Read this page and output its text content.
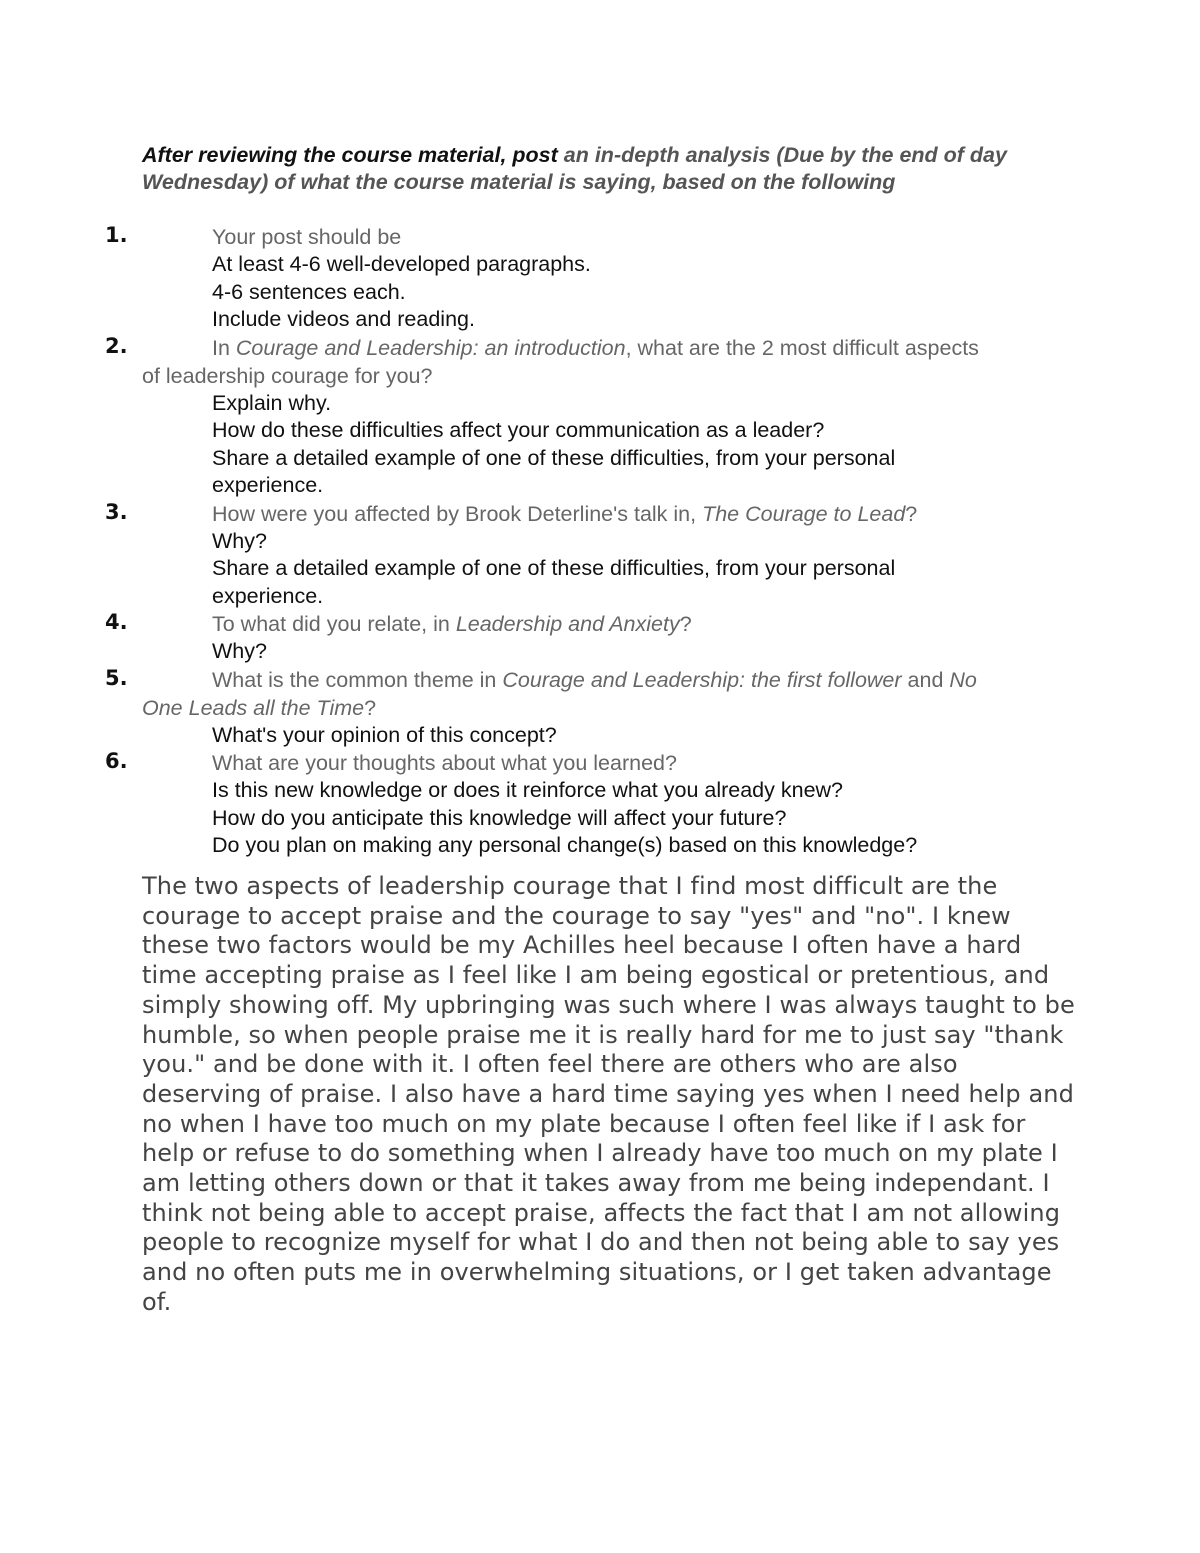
After reviewing the course material, post an in-depth analysis (Due by the end of day Wednesday) of what the course material is saying, based on the following
1.	Your post should be
At least 4-6 well-developed paragraphs.
4-6 sentences each.
Include videos and reading.
2.	In Courage and Leadership: an introduction, what are the 2 most difficult aspects of leadership courage for you?
Explain why.
How do these difficulties affect your communication as a leader?
Share a detailed example of one of these difficulties, from your personal experience.
3.	How were you affected by Brook Deterline's talk in, The Courage to Lead?
Why?
Share a detailed example of one of these difficulties, from your personal experience.
4.	To what did you relate, in Leadership and Anxiety?
Why?
5.	What is the common theme in Courage and Leadership: the first follower and No One Leads all the Time?
What's your opinion of this concept?
6.	What are your thoughts about what you learned?
Is this new knowledge or does it reinforce what you already knew?
How do you anticipate this knowledge will affect your future?
Do you plan on making any personal change(s) based on this knowledge?
The two aspects of leadership courage that I find most difficult are the courage to accept praise and the courage to say "yes" and "no". I knew these two factors would be my Achilles heel because I often have a hard time accepting praise as I feel like I am being egostical or pretentious, and simply showing off. My upbringing was such where I was always taught to be humble, so when people praise me it is really hard for me to just say "thank you." and be done with it. I often feel there are others who are also deserving of praise. I also have a hard time saying yes when I need help and no when I have too much on my plate because I often feel like if I ask for help or refuse to do something when I already have too much on my plate I am letting others down or that it takes away from me being independant. I think not being able to accept praise, affects the fact that I am not allowing people to recognize myself for what I do and then not being able to say yes and no often puts me in overwhelming situations, or I get taken advantage of.
